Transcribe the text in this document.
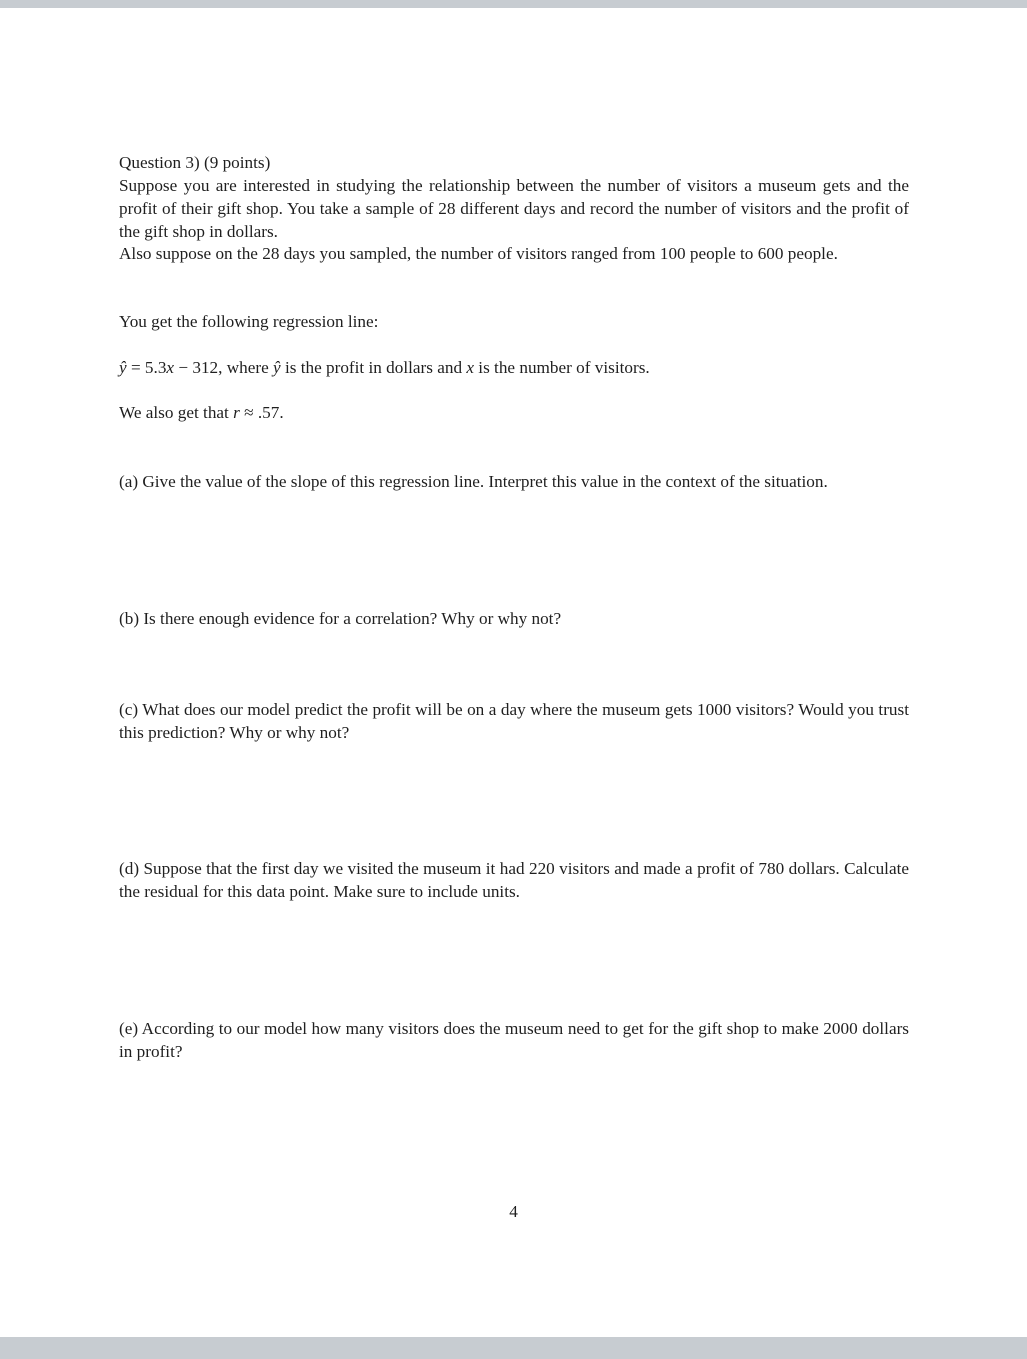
Question 3) (9 points)

Suppose you are interested in studying the relationship between the number of visitors a museum gets and the profit of their gift shop. You take a sample of 28 different days and record the number of visitors and the profit of the gift shop in dollars.

Also suppose on the 28 days you sampled, the number of visitors ranged from 100 people to 600 people.

You get the following regression line:

ŷ = 5.3x − 312, where ŷ is the profit in dollars and x is the number of visitors.

We also get that r ≈ .57.

(a) Give the value of the slope of this regression line. Interpret this value in the context of the situation.

(b) Is there enough evidence for a correlation? Why or why not?

(c) What does our model predict the profit will be on a day where the museum gets 1000 visitors? Would you trust this prediction? Why or why not?

(d) Suppose that the first day we visited the museum it had 220 visitors and made a profit of 780 dollars. Calculate the residual for this data point. Make sure to include units.

(e) According to our model how many visitors does the museum need to get for the gift shop to make 2000 dollars in profit?

4
